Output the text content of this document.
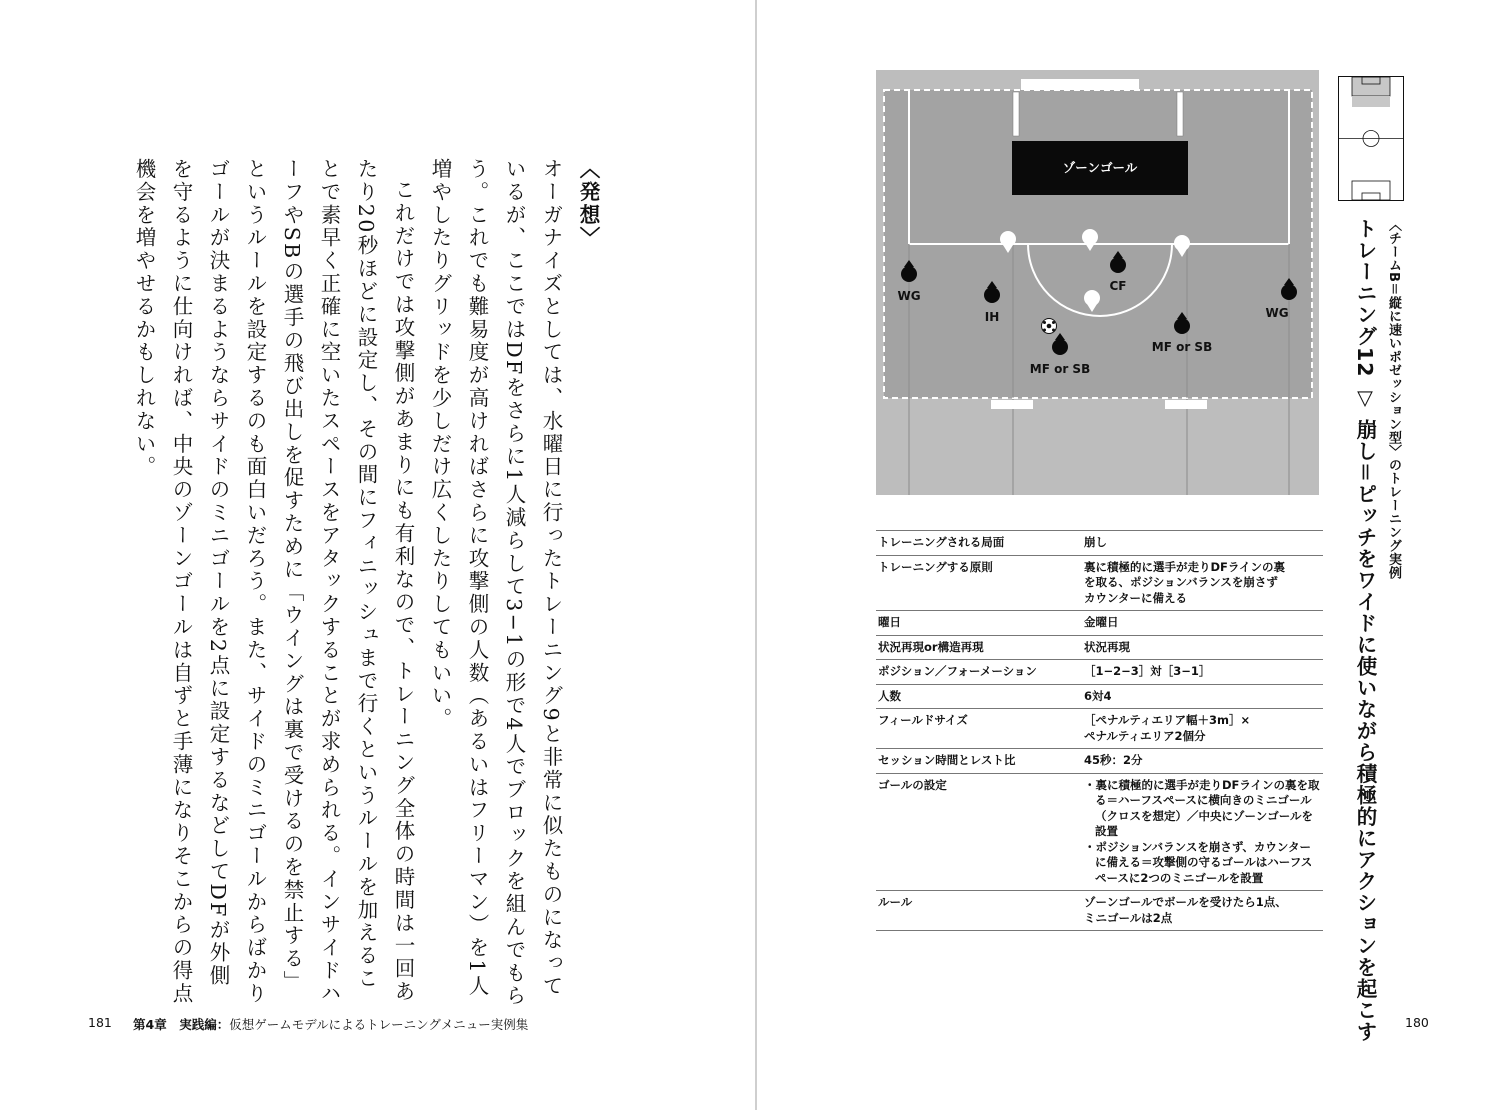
〈発想〉

オーガナイズとしては、水曜日に行ったトレーニング9と非常に似たものになっているが、ここではDFをさらに1人減らして3−1の形で4人でブロックを組んでもらう。これでも難易度が高ければさらに攻撃側の人数（あるいはフリーマン）を1人増やしたりグリッドを少しだけ広くしたりしてもいい。

これだけでは攻撃側があまりにも有利なので、トレーニング全体の時間は一回あたり20秒ほどに設定し、その間にフィニッシュまで行くというルールを加えることで素早く正確に空いたスペースをアタックすることが求められる。インサイドハーフやSBの選手の飛び出しを促すために「ウイングは裏で受けるのを禁止する」というルールを設定するのも面白いだろう。また、サイドのミニゴールからばかりゴールが決まるようならサイドのミニゴールを2点に設定するなどしてDFが外側を守るように仕向ければ、中央のゾーンゴールは自ずと手薄になりそこからの得点機会を増やせるかもしれない。

181 第4章　実践編：仮想ゲームモデルによるトレーニングメニュー実例集
ゾーンゴール
WG
IH
CF
MF or SB
MF or SB
WG	〈チームB＝縦に速いポゼッション型〉のトレーニング実例
トレーニング12 ▽ 崩し＝ピッチをワイドに使いながら積極的にアクションを起こす
トレーニングされる局面	崩し

トレーニングする原則	裏に積極的に選手が走りDFラインの裏
を取る、ポジションバランスを崩さず
カウンターに備える

曜日	金曜日

状況再現or構造再現	状況再現

ポジション／フォーメーション	［1−2−3］対［3−1］

人数	6対4

フィールドサイズ	［ペナルティエリア幅＋3m］×
ペナルティエリア2個分

セッション時間とレスト比	45秒：2分

ゴールの設定	・裏に積極的に選手が走りDFラインの裏を取る＝ハーフスペースに横向きのミニゴール（クロスを想定）／中央にゾーンゴールを設置
・ポジションバランスを崩さず、カウンターに備える＝攻撃側の守るゴールはハーフスペースに2つのミニゴールを設置

ルール	ゾーンゴールでボールを受けたら1点、
ミニゴールは2点
180
